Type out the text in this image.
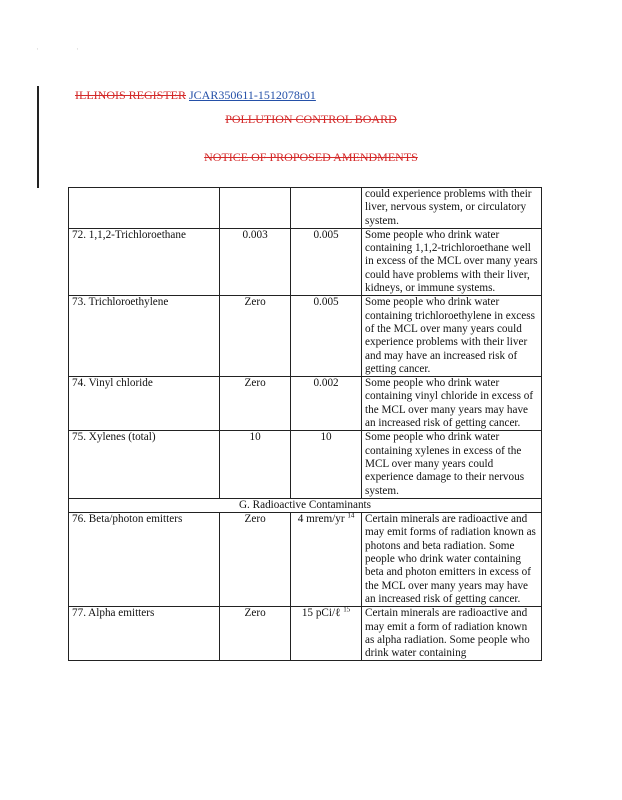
·	·
ILLINOIS REGISTER JCAR350611-1512078r01
POLLUTION CONTROL BOARD
NOTICE OF PROPOSED AMENDMENTS
			could experience problems with their liver, nervous system, or circulatory system.
72. 1,1,2-Trichloroethane	0.003	0.005	Some people who drink water containing 1,1,2-trichloroethane well in excess of the MCL over many years could have problems with their liver, kidneys, or immune systems.
73. Trichloroethylene	Zero	0.005	Some people who drink water containing trichloroethylene in excess of the MCL over many years could experience problems with their liver and may have an increased risk of getting cancer.
74. Vinyl chloride	Zero	0.002	Some people who drink water containing vinyl chloride in excess of the MCL over many years may have an increased risk of getting cancer.
75. Xylenes (total)	10	10	Some people who drink water containing xylenes in excess of the MCL over many years could experience damage to their nervous system.
G. Radioactive Contaminants			
76. Beta/photon emitters	Zero	4 mrem/yr $^{14}$	Certain minerals are radioactive and may emit forms of radiation known as photons and beta radiation. Some people who drink water containing beta and photon emitters in excess of the MCL over many years may have an increased risk of getting cancer.
77. Alpha emitters	Zero	15 pCi/ℓ $^{15}$	Certain minerals are radioactive and may emit a form of radiation known as alpha radiation. Some people who drink water containing
